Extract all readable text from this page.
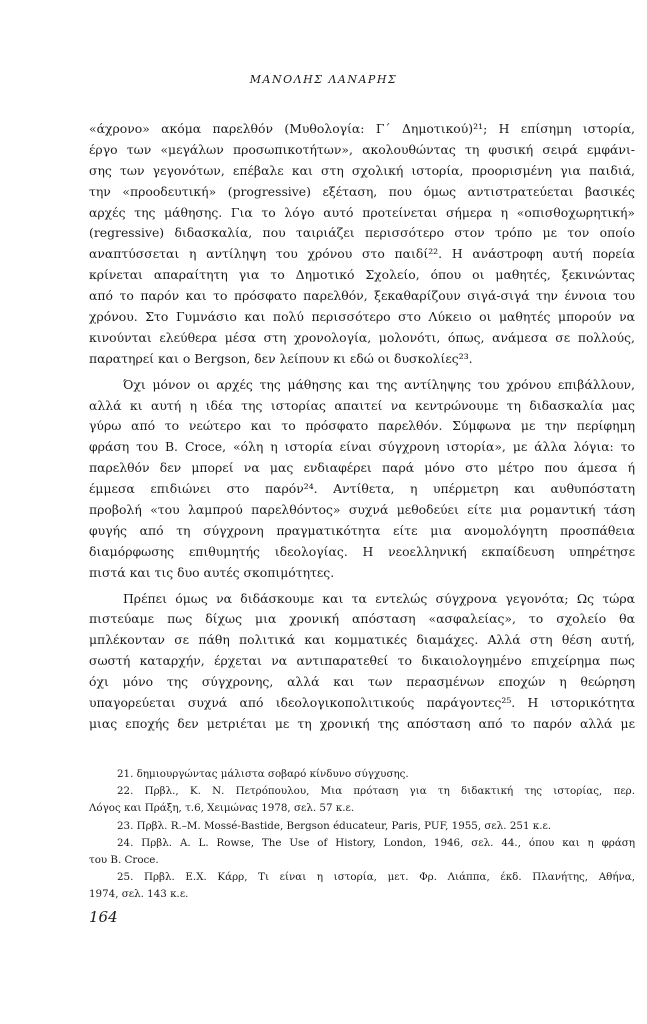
ΜΑΝΟΛΗΣ ΛΑΝΑΡΗΣ
«άχρονο» ακόμα παρελθόν (Μυθολογία: Γ΄ Δημοτικού)²¹; Η επίσημη ιστορία,
έργο των «μεγάλων προσωπικοτήτων», ακολουθώντας τη φυσική σειρά εμφάνι-
σης των γεγονότων, επέβαλε και στη σχολική ιστορία, προορισμένη για παιδιά,
την «προοδευτική» (progressive) εξέταση, που όμως αντιστρατεύεται βασικές
αρχές της μάθησης. Για το λόγο αυτό προτείνεται σήμερα η «οπισθοχωρητική»
(regressive) διδασκαλία, που ταιριάζει περισσότερο στον τρόπο με τον οποίο
αναπτύσσεται η αντίληψη του χρόνου στο παιδί²². Η ανάστροφη αυτή πορεία
κρίνεται απαραίτητη για το Δημοτικό Σχολείο, όπου οι μαθητές, ξεκινώντας
από το παρόν και το πρόσφατο παρελθόν, ξεκαθαρίζουν σιγά-σιγά την έννοια του
χρόνου. Στο Γυμνάσιο και πολύ περισσότερο στο Λύκειο οι μαθητές μπορούν να
κινούνται ελεύθερα μέσα στη χρονολογία, μολονότι, όπως, ανάμεσα σε πολλούς,
παρατηρεί και ο Bergson, δεν λείπουν κι εδώ οι δυσκολίες²³.
Όχι μόνον οι αρχές της μάθησης και της αντίληψης του χρόνου επιβάλλουν,
αλλά κι αυτή η ιδέα της ιστορίας απαιτεί να κεντρώνουμε τη διδασκαλία μας
γύρω από το νεώτερο και το πρόσφατο παρελθόν. Σύμφωνα με την περίφημη
φράση του B. Croce, «όλη η ιστορία είναι σύγχρονη ιστορία», με άλλα λόγια: το
παρελθόν δεν μπορεί να μας ενδιαφέρει παρά μόνο στο μέτρο που άμεσα ή
έμμεσα επιδιώνει στο παρόν²⁴. Αντίθετα, η υπέρμετρη και αυθυπόστατη
προβολή «του λαμπρού παρελθόντος» συχνά μεθοδεύει είτε μια ρομαντική τάση
φυγής από τη σύγχρονη πραγματικότητα είτε μια ανομολόγητη προσπάθεια
διαμόρφωσης επιθυμητής ιδεολογίας. Η νεοελληνική εκπαίδευση υπηρέτησε
πιστά και τις δυο αυτές σκοπιμότητες.
Πρέπει όμως να διδάσκουμε και τα εντελώς σύγχρονα γεγονότα; Ως τώρα
πιστεύαμε πως δίχως μια χρονική απόσταση «ασφαλείας», το σχολείο θα
μπλέκονταν σε πάθη πολιτικά και κομματικές διαμάχες. Αλλά στη θέση αυτή,
σωστή καταρχήν, έρχεται να αντιπαρατεθεί το δικαιολογημένο επιχείρημα πως
όχι μόνο της σύγχρονης, αλλά και των περασμένων εποχών η θεώρηση
υπαγορεύεται συχνά από ιδεολογικοπολιτικούς παράγοντες²⁵. Η ιστορικότητα
μιας εποχής δεν μετριέται με τη χρονική της απόσταση από το παρόν αλλά με
21. δημιουργώντας μάλιστα σοβαρό κίνδυνο σύγχυσης.
22. Πρβλ., Κ. Ν. Πετρόπουλου, Μια πρόταση για τη διδακτική της ιστορίας, περ.
Λόγος και Πράξη, τ.6, Χειμώνας 1978, σελ. 57 κ.ε.
23. Πρβλ. R.–M. Mossé-Bastide, Bergson éducateur, Paris, PUF, 1955, σελ. 251 κ.ε.
24. Πρβλ. A. L. Rowse, The Use of History, London, 1946, σελ. 44., όπου και η φράση
του B. Croce.
25. Πρβλ. Ε.Χ. Κάρρ, Τι είναι η ιστορία, μετ. Φρ. Λιάππα, έκδ. Πλανήτης, Αθήνα,
1974, σελ. 143 κ.ε.
164
